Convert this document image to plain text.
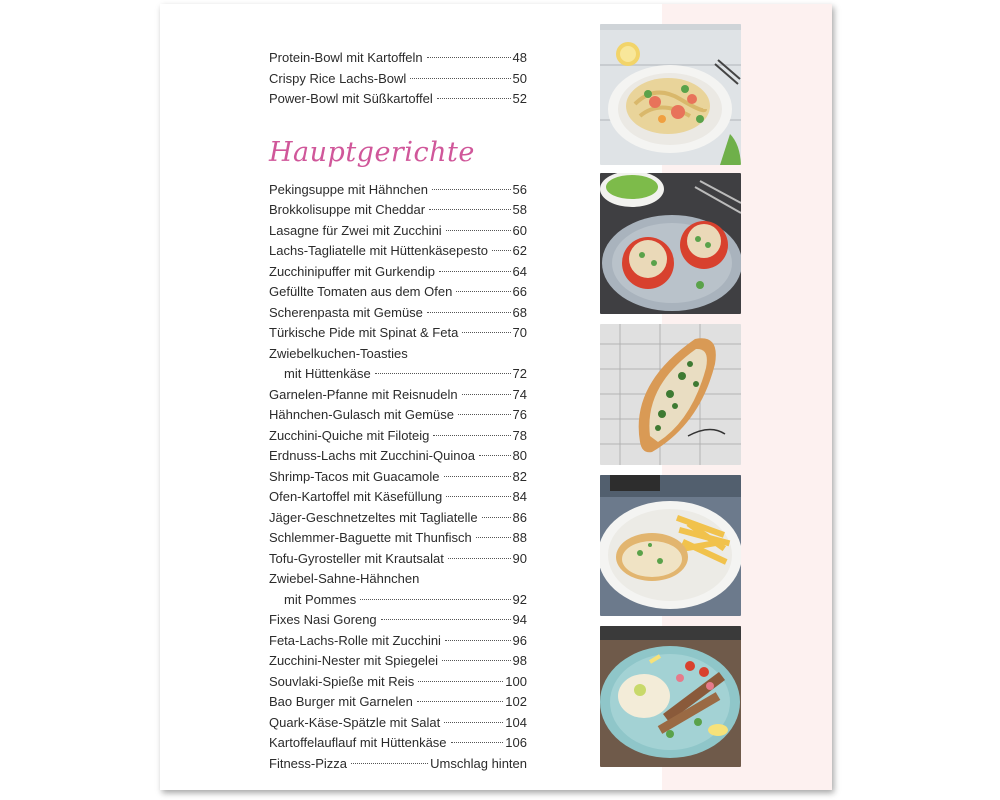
Protein-Bowl mit Kartoffeln	48
Crispy Rice Lachs-Bowl	50
Power-Bowl mit Süßkartoffel	52
Hauptgerichte
Pekingsuppe mit Hähnchen	56
Brokkolisuppe mit Cheddar	58
Lasagne für Zwei mit Zucchini	60
Lachs-Tagliatelle mit Hüttenkäsepesto 62
Zucchinipuffer mit Gurkendip	64
Gefüllte Tomaten aus dem Ofen	66
Scherenpasta mit Gemüse	68
Türkische Pide mit Spinat & Feta	70
Zwiebelkuchen-Toasties
mit Hüttenkäse	72
Garnelen-Pfanne mit Reisnudeln	74
Hähnchen-Gulasch mit Gemüse	76
Zucchini-Quiche mit Filoteig	78
Erdnuss-Lachs mit Zucchini-Quinoa	80
Shrimp-Tacos mit Guacamole	82
Ofen-Kartoffel mit Käsefüllung	84
Jäger-Geschnetzeltes mit Tagliatelle	86
Schlemmer-Baguette mit Thunfisch	88
Tofu-Gyrosteller mit Krautsalat	90
Zwiebel-Sahne-Hähnchen
mit Pommes	92
Fixes Nasi Goreng	94
Feta-Lachs-Rolle mit Zucchini	96
Zucchini-Nester mit Spiegelei	98
Souvlaki-Spieße mit Reis	100
Bao Burger mit Garnelen	102
Quark-Käse-Spätzle mit Salat	104
Kartoffelauflauf mit Hüttenkäse	106
Fitness-Pizza	Umschlag hinten
